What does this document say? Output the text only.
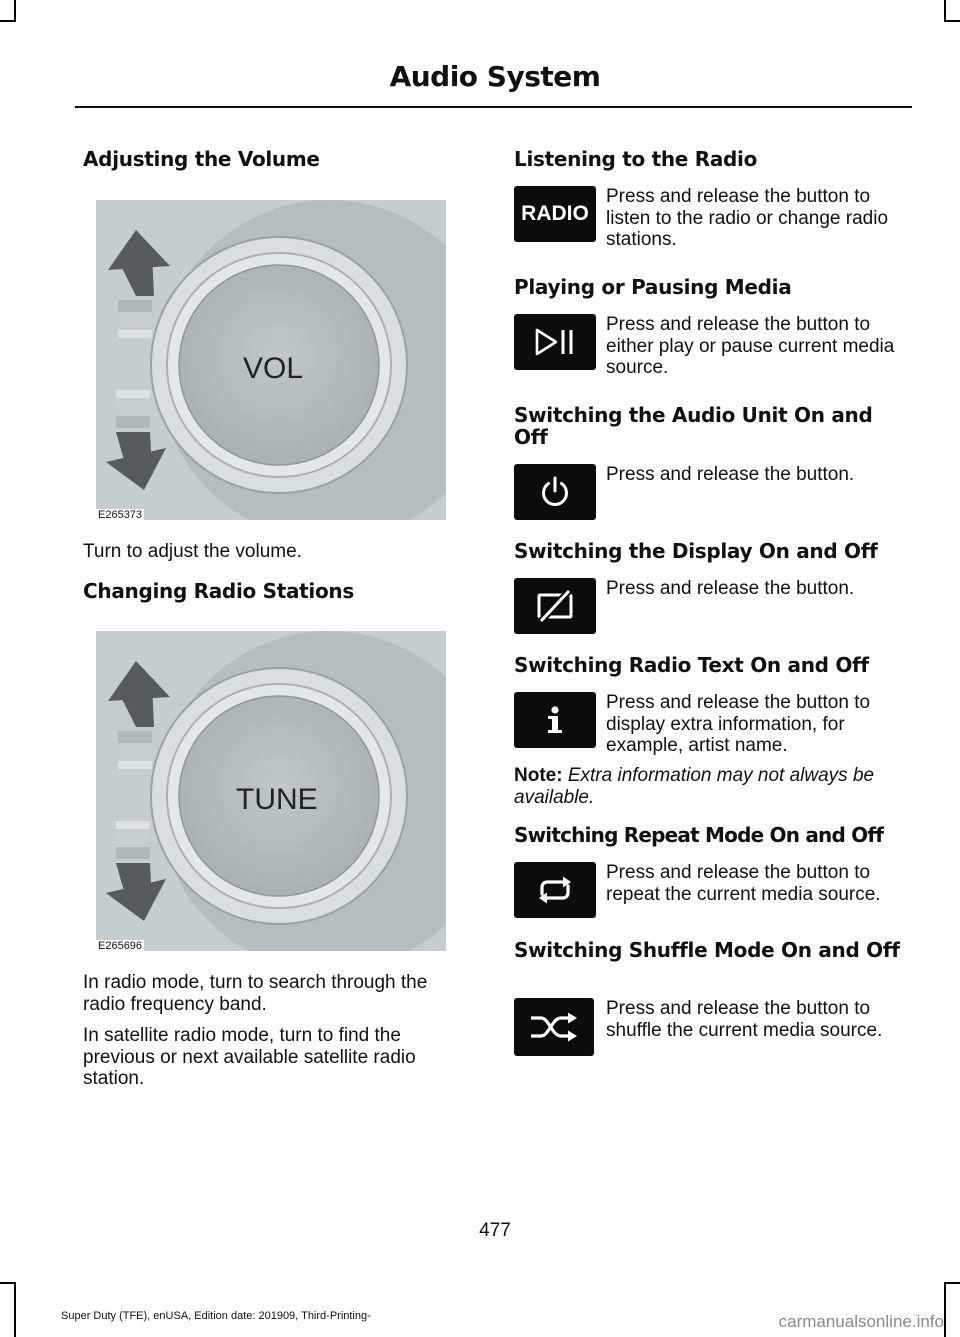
Audio System
Adjusting the Volume
VOL
E265373

Turn to adjust the volume.

Changing Radio Stations
TUNE
E265696

In radio mode, turn to search through the radio frequency band.

In satellite radio mode, turn to find the previous or next available satellite radio station.

Listening to the Radio
RADIO

Press and release the button to listen to the radio or change radio stations.

Playing or Pausing Media

Press and release the button to either play or pause current media source.

Switching the Audio Unit On and Off

Press and release the button.

Switching the Display On and Off

Press and release the button.

Switching Radio Text On and Off

Press and release the button to display extra information, for example, artist name.

Note: Extra information may not always be available.

Switching Repeat Mode On and Off

Press and release the button to repeat the current media source.

Switching Shuffle Mode On and Off

Press and release the button to shuffle the current media source.

477
Super Duty (TFE), enUSA, Edition date: 201909, Third-Printing-	carmanualsonline.info
